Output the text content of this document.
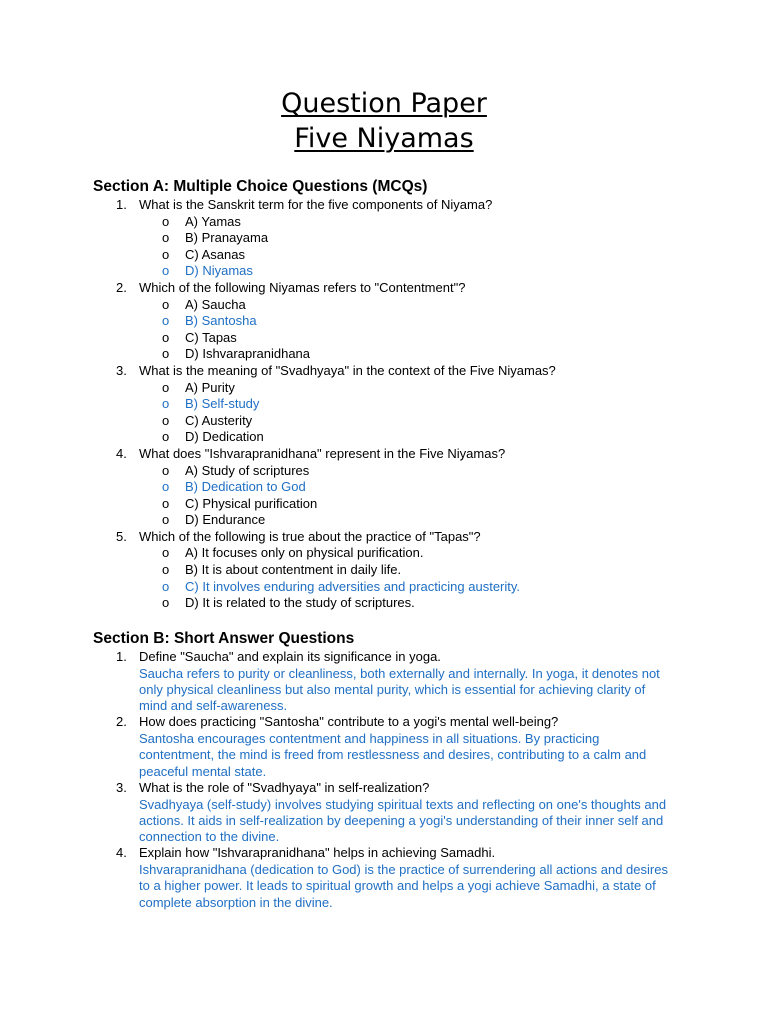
Question Paper
Five Niyamas
Section A: Multiple Choice Questions (MCQs)
1. What is the Sanskrit term for the five components of Niyama?
o A) Yamas
o B) Pranayama
o C) Asanas
o D) Niyamas
2. Which of the following Niyamas refers to "Contentment"?
o A) Saucha
o B) Santosha
o C) Tapas
o D) Ishvarapranidhana
3. What is the meaning of "Svadhyaya" in the context of the Five Niyamas?
o A) Purity
o B) Self-study
o C) Austerity
o D) Dedication
4. What does "Ishvarapranidhana" represent in the Five Niyamas?
o A) Study of scriptures
o B) Dedication to God
o C) Physical purification
o D) Endurance
5. Which of the following is true about the practice of "Tapas"?
o A) It focuses only on physical purification.
o B) It is about contentment in daily life.
o C) It involves enduring adversities and practicing austerity.
o D) It is related to the study of scriptures.
Section B: Short Answer Questions
1. Define "Saucha" and explain its significance in yoga.
Saucha refers to purity or cleanliness, both externally and internally. In yoga, it denotes not only physical cleanliness but also mental purity, which is essential for achieving clarity of mind and self-awareness.
2. How does practicing "Santosha" contribute to a yogi's mental well-being?
Santosha encourages contentment and happiness in all situations. By practicing contentment, the mind is freed from restlessness and desires, contributing to a calm and peaceful mental state.
3. What is the role of "Svadhyaya" in self-realization?
Svadhyaya (self-study) involves studying spiritual texts and reflecting on one's thoughts and actions. It aids in self-realization by deepening a yogi's understanding of their inner self and connection to the divine.
4. Explain how "Ishvarapranidhana" helps in achieving Samadhi.
Ishvarapranidhana (dedication to God) is the practice of surrendering all actions and desires to a higher power. It leads to spiritual growth and helps a yogi achieve Samadhi, a state of complete absorption in the divine.
